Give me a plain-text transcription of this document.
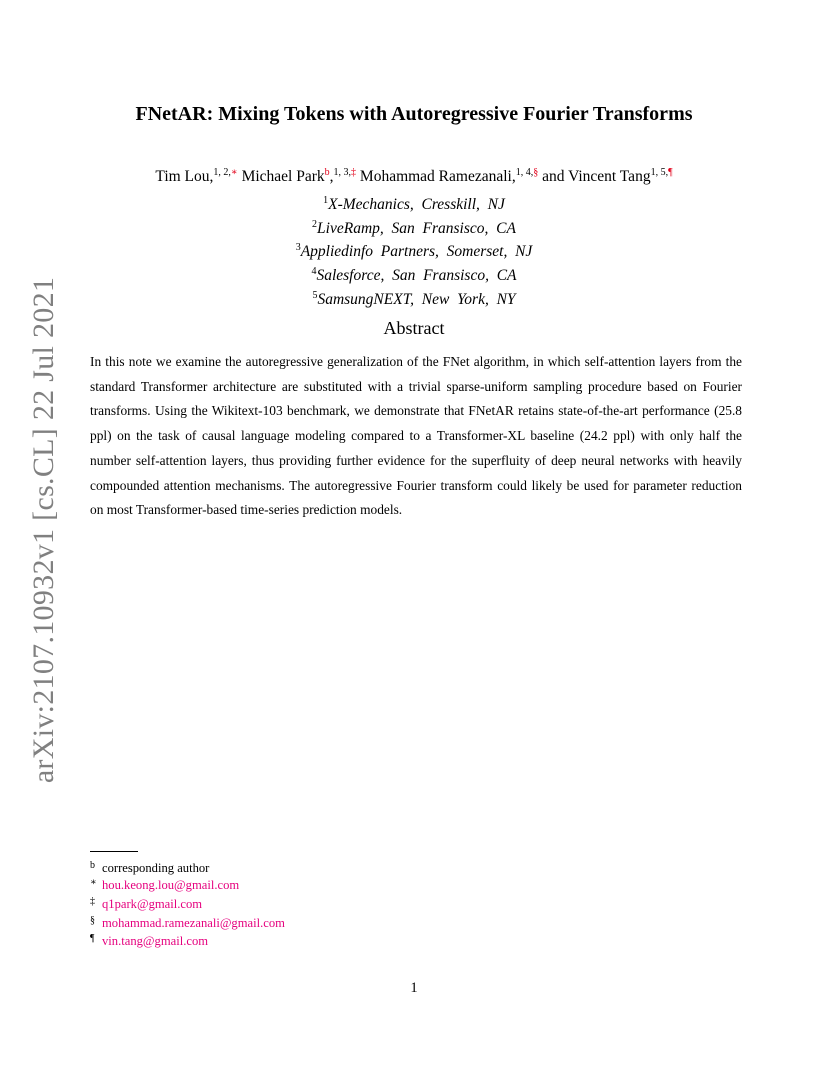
arXiv:2107.10932v1 [cs.CL] 22 Jul 2021
FNetAR: Mixing Tokens with Autoregressive Fourier Transforms
Tim Lou,$^{1, 2,∗}$ Michael Park$^b$,$^{1, 3,\ddagger}$ Mohammad Ramezanali,$^{1, 4,\S}$ and Vincent Tang$^{1, 5,\P}$
$^1$X-Mechanics,  Cresskill,  NJ
$^2$LiveRamp,  San  Fransisco,  CA
$^3$Appliedinfo  Partners,  Somerset,  NJ
$^4$Salesforce,  San  Fransisco,  CA
$^5$SamsungNEXT,  New  York,  NY
Abstract
In this note we examine the autoregressive generalization of the FNet algorithm, in which self-attention layers from the standard Transformer architecture are substituted with a trivial sparse-uniform sampling procedure based on Fourier transforms. Using the Wikitext-103 benchmark, we demonstrate that FNetAR retains state-of-the-art performance (25.8 ppl) on the task of causal language modeling compared to a Transformer-XL baseline (24.2 ppl) with only half the number self-attention layers, thus providing further evidence for the superfluity of deep neural networks with heavily compounded attention mechanisms. The autoregressive Fourier transform could likely be used for parameter reduction on most Transformer-based time-series prediction models.
b corresponding author
∗ hou.keong.lou@gmail.com
‡ q1park@gmail.com
§ mohammad.ramezanali@gmail.com
¶ vin.tang@gmail.com
1
